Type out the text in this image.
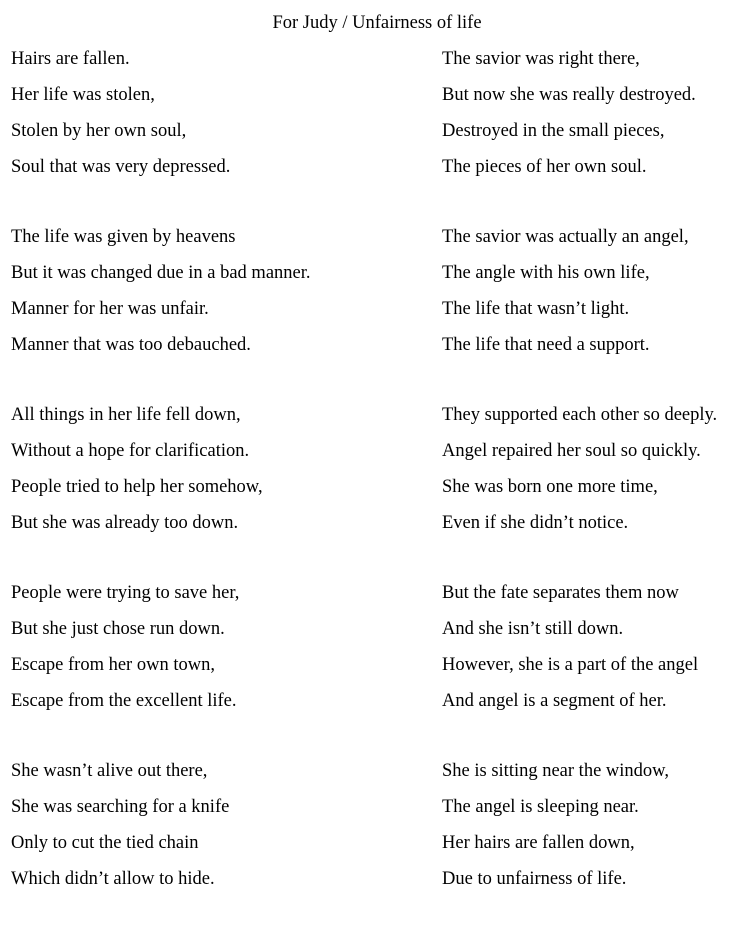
For Judy / Unfairness of life
Hairs are fallen.
Her life was stolen,
Stolen by her own soul,
Soul that was very depressed.
The life was given by heavens
But it was changed due in a bad manner.
Manner for her was unfair.
Manner that was too debauched.
All things in her life fell down,
Without a hope for clarification.
People tried to help her somehow,
But she was already too down.
People were trying to save her,
But she just chose run down.
Escape from her own town,
Escape from the excellent life.
She wasn’t alive out there,
She was searching for a knife
Only to cut the tied chain
Which didn’t allow to hide.
The savior was right there,
But now she was really destroyed.
Destroyed in the small pieces,
The pieces of her own soul.
The savior was actually an angel,
The angle with his own life,
The life that wasn’t light.
The life that need a support.
They supported each other so deeply.
Angel repaired her soul so quickly.
She was born one more time,
Even if she didn’t notice.
But the fate separates them now
And she isn’t still down.
However, she is a part of the angel
And angel is a segment of her.
She is sitting near the window,
The angel is sleeping near.
Her hairs are fallen down,
Due to unfairness of life.
